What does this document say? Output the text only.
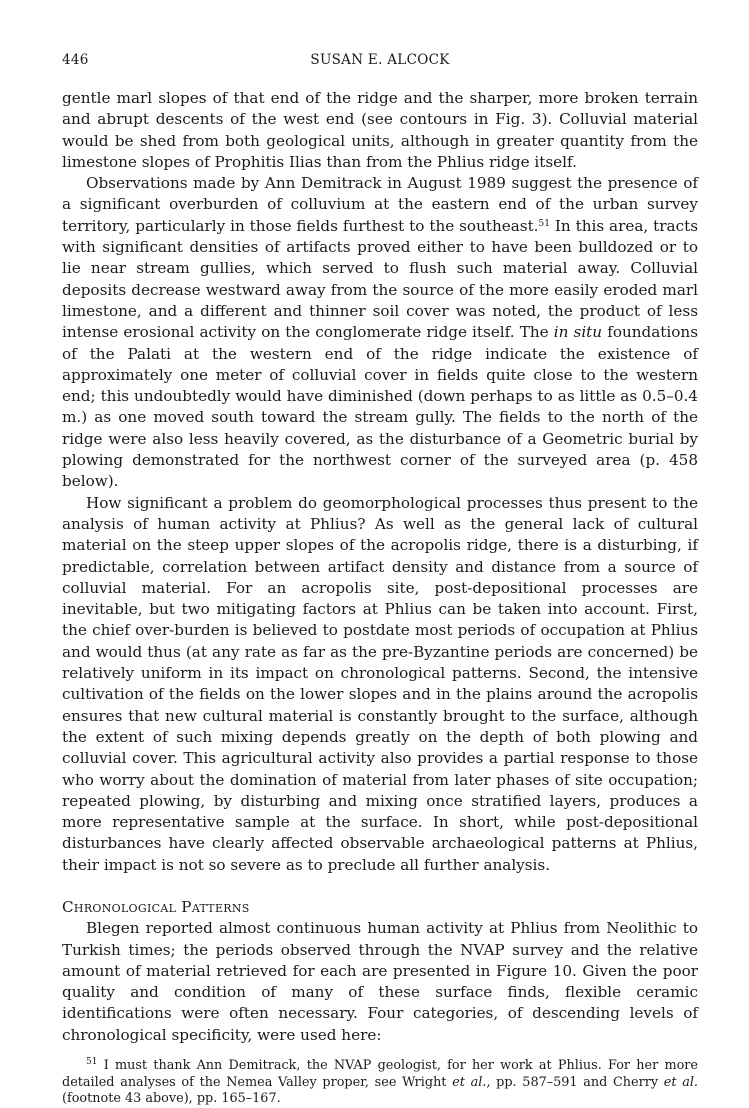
446	SUSAN E. ALCOCK

gentle marl slopes of that end of the ridge and the sharper, more broken terrain and abrupt descents of the west end (see contours in Fig. 3). Colluvial material would be shed from both geological units, although in greater quantity from the limestone slopes of Prophitis Ilias than from the Phlius ridge itself.

Observations made by Ann Demitrack in August 1989 suggest the presence of a significant overburden of colluvium at the eastern end of the urban survey territory, particularly in those fields furthest to the southeast.$^{51}$ In this area, tracts with significant densities of artifacts proved either to have been bulldozed or to lie near stream gullies, which served to flush such material away. Colluvial deposits decrease westward away from the source of the more easily eroded marl limestone, and a different and thinner soil cover was noted, the product of less intense erosional activity on the conglomerate ridge itself. The in situ foundations of the Palati at the western end of the ridge indicate the existence of approximately one meter of colluvial cover in fields quite close to the western end; this undoubtedly would have diminished (down perhaps to as little as 0.5–0.4 m.) as one moved south toward the stream gully. The fields to the north of the ridge were also less heavily covered, as the disturbance of a Geometric burial by plowing demonstrated for the northwest corner of the surveyed area (p. 458 below).

How significant a problem do geomorphological processes thus present to the analysis of human activity at Phlius? As well as the general lack of cultural material on the steep upper slopes of the acropolis ridge, there is a disturbing, if predictable, correlation between artifact density and distance from a source of colluvial material. For an acropolis site, post-depositional processes are inevitable, but two mitigating factors at Phlius can be taken into account. First, the chief over-burden is believed to postdate most periods of occupation at Phlius and would thus (at any rate as far as the pre-Byzantine periods are concerned) be relatively uniform in its impact on chronological patterns. Second, the intensive cultivation of the fields on the lower slopes and in the plains around the acropolis ensures that new cultural material is constantly brought to the surface, although the extent of such mixing depends greatly on the depth of both plowing and colluvial cover. This agricultural activity also provides a partial response to those who worry about the domination of material from later phases of site occupation; repeated plowing, by disturbing and mixing once stratified layers, produces a more representative sample at the surface. In short, while post-depositional disturbances have clearly affected observable archaeological patterns at Phlius, their impact is not so severe as to preclude all further analysis.

Chronological Patterns

Blegen reported almost continuous human activity at Phlius from Neolithic to Turkish times; the periods observed through the NVAP survey and the relative amount of material retrieved for each are presented in Figure 10. Given the poor quality and condition of many of these surface finds, flexible ceramic identifications were often necessary. Four categories, of descending levels of chronological specificity, were used here:

$^{51}$ I must thank Ann Demitrack, the NVAP geologist, for her work at Phlius. For her more detailed analyses of the Nemea Valley proper, see Wright et al., pp. 587–591 and Cherry et al. (footnote 43 above), pp. 165–167.
